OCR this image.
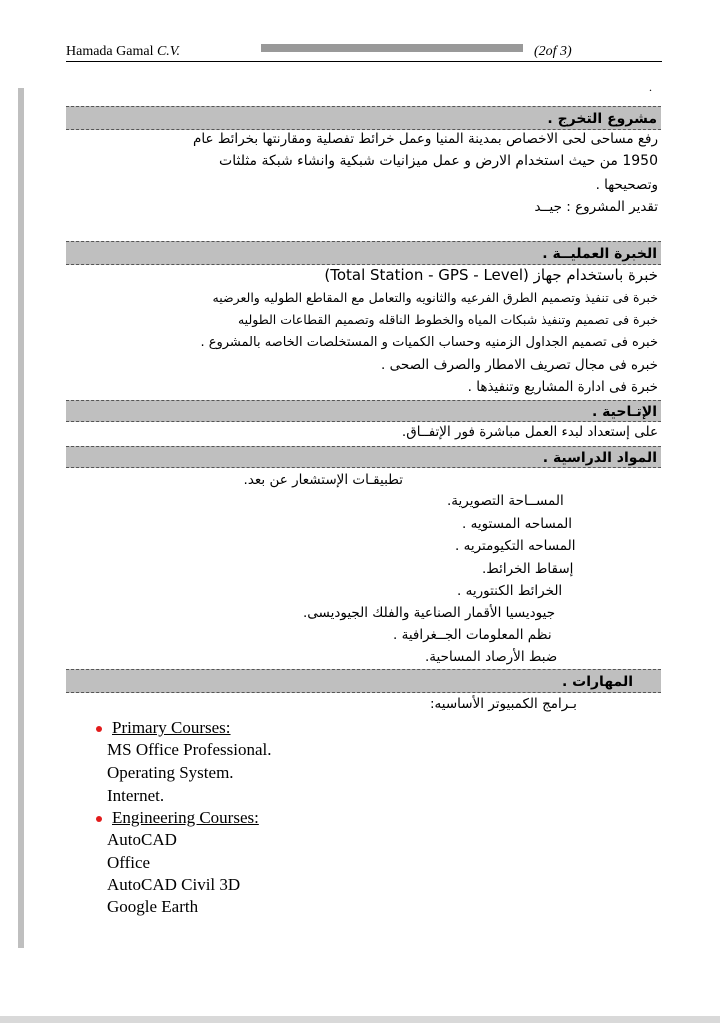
Hamada Gamal C.V.	(2of 3)
.
مشروع التخرج .
رفع مساحى لحى الاخصاص بمدينة المنيا وعمل خرائط تفصلية ومقارنتها بخرائط عام
1950 من حيث استخدام الارض و عمل ميزانيات شبكية وانشاء شبكة مثلثات
وتصحيحها .
تقدير المشروع : جيــد
الخبرة العمليــة .
خبرة باستخدام جهاز (Total Station - GPS - Level)
خبرة فى تنفيذ وتصميم الطرق الفرعيه والثانويه والتعامل مع المقاطع الطوليه والعرضيه
خبرة فى تصميم وتنفيذ شبكات المياه والخطوط الناقله وتصميم القطاعات الطوليه
خبره فى تصميم الجداول الزمنيه وحساب الكميات و المستخلصات الخاصه بالمشروع .
خبره فى مجال تصريف الامطار والصرف الصحى .
خبرة فى ادارة المشاريع وتنفيذها .
الإتـاحية .
على إستعداد لبدء العمل مباشرة فور الإتفــاق.
المواد الدراسية .
تطبيقـات الإستشعار عن بعد.
المســاحة التصويرية.
المساحه المستويه .
المساحه التكيومتريه .
إسقاط الخرائط.
الخرائط الكنتوريه .
جيوديسيا الأقمار الصناعية والفلك الجيوديسى.
نظم المعلومات الجــغرافية .
ضبط الأرصاد المساحية.
المهارات .
بـرامج الكمبيوتر الأساسيه:
Primary Courses:
MS Office Professional.
Operating System.
Internet.
Engineering Courses:
AutoCAD
Office
AutoCAD Civil 3D
Google Earth
